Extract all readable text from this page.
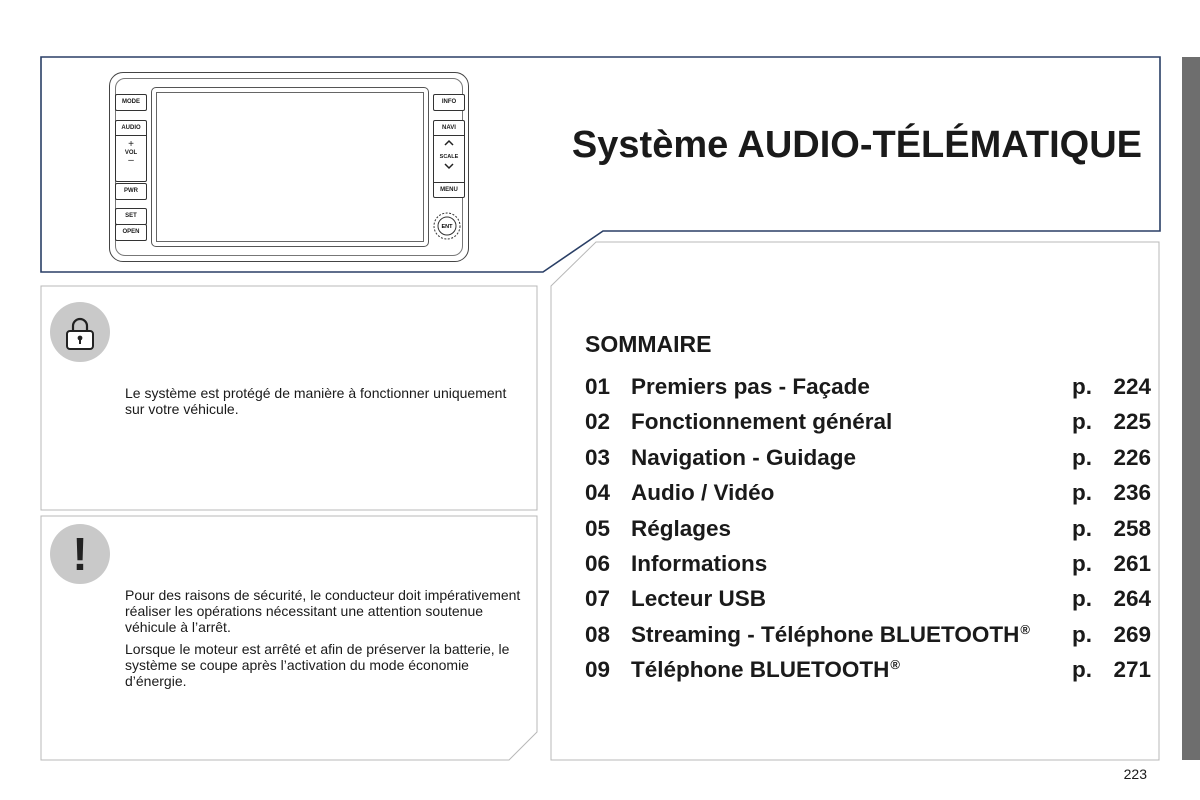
MODE
AUDIO
+
VOL
–
PWR
SET
OPEN
INFO
NAVI
SCALE
MENU
ENT
Système AUDIO-TÉLÉMATIQUE

Le système est protégé de manière à fonctionner uniquement sur votre véhicule.

!

Pour des raisons de sécurité, le conducteur doit impérativement réaliser les opérations nécessitant une attention soutenue véhicule à l’arrêt.

Lorsque le moteur est arrêté et afin de préserver la batterie, le système se coupe après l’activation du mode économie d’énergie.

SOMMAIRE
01 Premiers pas - Façade	p. 224
02 Fonctionnement général	p. 225
03 Navigation - Guidage	p. 226
04 Audio / Vidéo	p. 236
05 Réglages	p. 258
06 Informations	p. 261
07 Lecteur USB	p. 264
08 Streaming - Téléphone BLUETOOTH® p. 269
09 Téléphone BLUETOOTH®	p. 271
223
